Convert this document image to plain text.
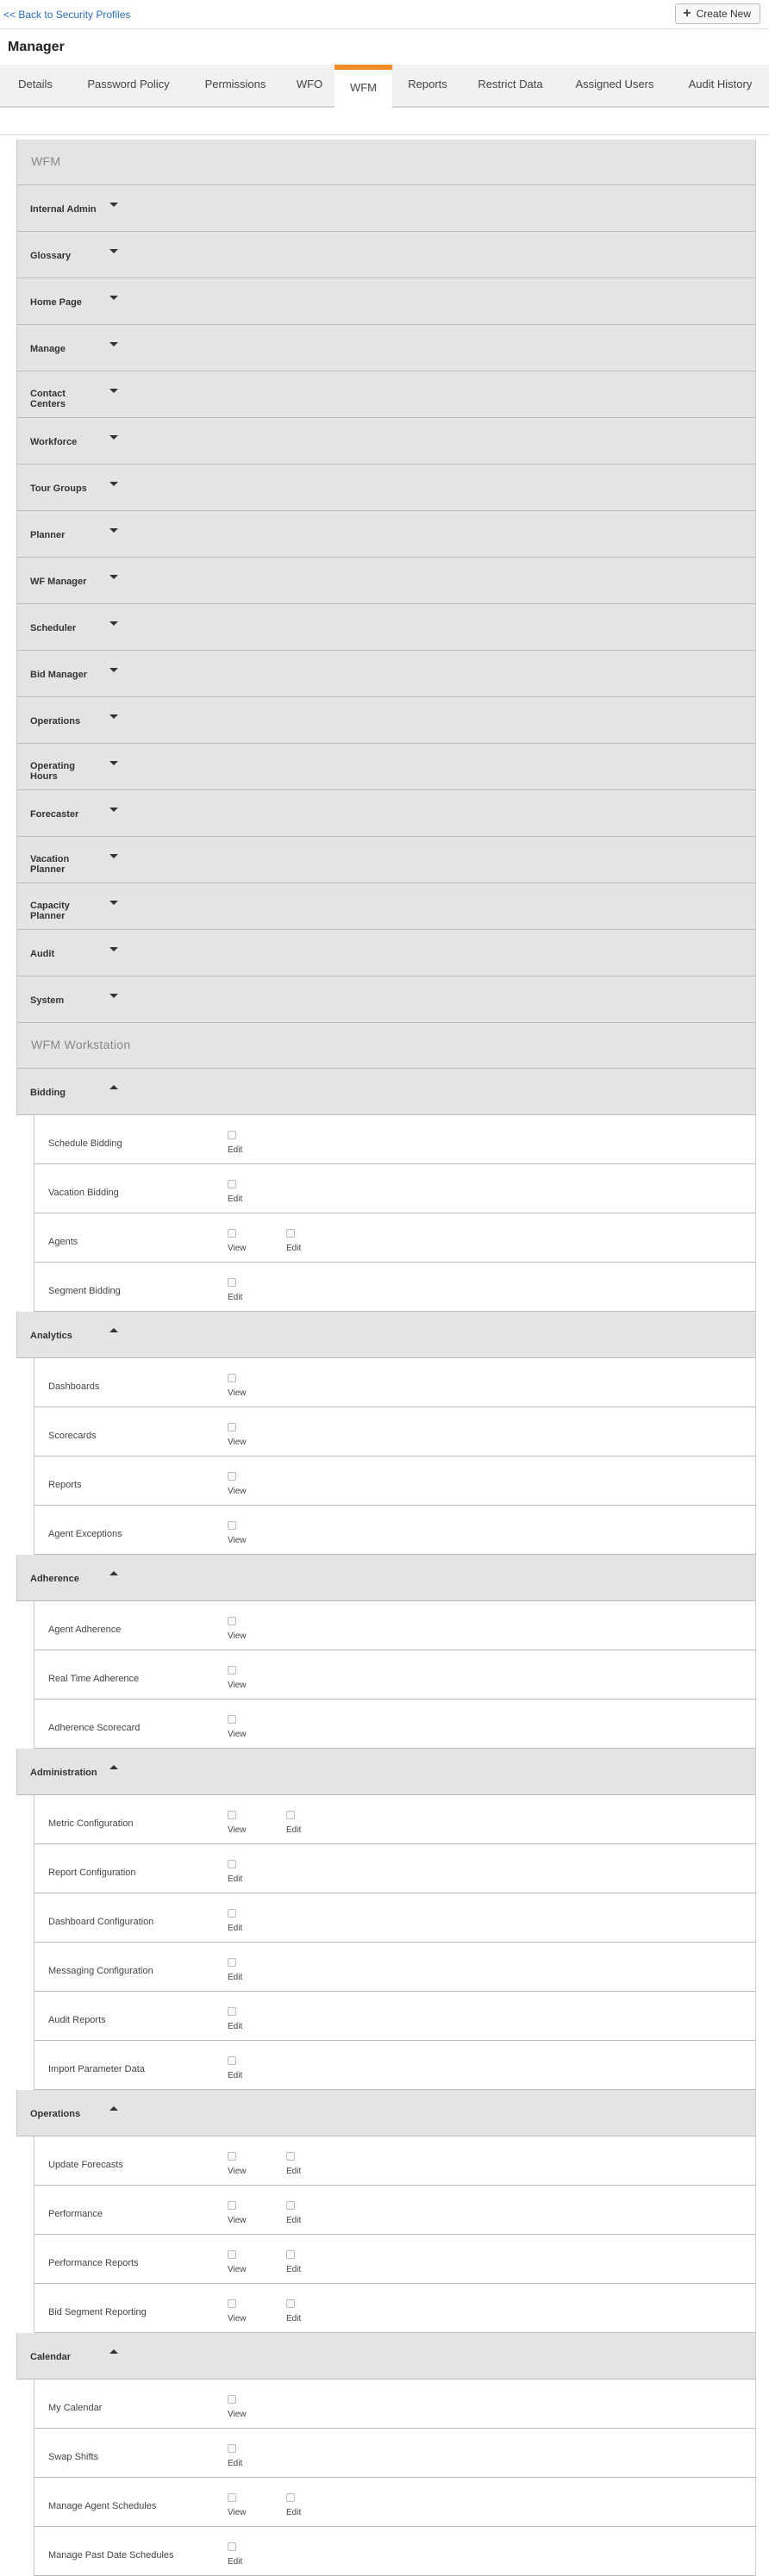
<< Back to Security Profiles	+ Create New
Manager
Details	Password Policy	Permissions	WFO	WFM	Reports	Restrict Data	Assigned Users	Audit History
WFM
Internal Admin
Glossary
Home Page
Manage
Contact Centers
Workforce
Tour Groups
Planner
WF Manager
Scheduler
Bid Manager
Operations
Operating Hours
Forecaster
Vacation Planner
Capacity Planner
Audit
System
WFM Workstation
Bidding
Schedule Bidding
Edit
Vacation Bidding
Edit
Agents
View	Edit
Segment Bidding
Edit
Analytics
Dashboards
View
Scorecards
View
Reports
View
Agent Exceptions
View
Adherence
Agent Adherence
View
Real Time Adherence
View
Adherence Scorecard
View
Administration
Metric Configuration
View	Edit
Report Configuration
Edit
Dashboard Configuration
Edit
Messaging Configuration
Edit
Audit Reports
Edit
Import Parameter Data
Edit
Operations
Update Forecasts
View	Edit
Performance
View	Edit
Performance Reports
View	Edit
Bid Segment Reporting
View	Edit
Calendar
My Calendar
View
Swap Shifts
Edit
Manage Agent Schedules
View	Edit
Manage Past Date Schedules
Edit
